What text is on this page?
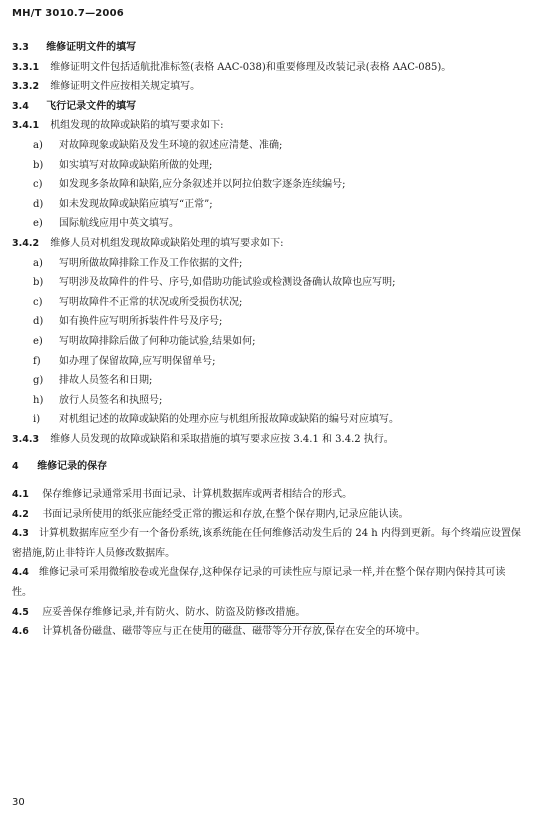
MH/T 3010.7—2006
3.3 维修证明文件的填写
3.3.1 维修证明文件包括适航批准标签(表格 AAC-038)和重要修理及改装记录(表格 AAC-085)。
3.3.2 维修证明文件应按相关规定填写。
3.4 飞行记录文件的填写
3.4.1 机组发现的故障或缺陷的填写要求如下:
a) 对故障现象或缺陷及发生环境的叙述应清楚、准确;
b) 如实填写对故障或缺陷所做的处理;
c) 如发现多条故障和缺陷,应分条叙述并以阿拉伯数字逐条连续编号;
d) 如未发现故障或缺陷应填写“正常”;
e) 国际航线应用中英文填写。
3.4.2 维修人员对机组发现故障或缺陷处理的填写要求如下:
a) 写明所做故障排除工作及工作依据的文件;
b) 写明涉及故障件的件号、序号,如借助功能试验或检测设备确认故障也应写明;
c) 写明故障件不正常的状况或所受损伤状况;
d) 如有换件应写明所拆装件件号及序号;
e) 写明故障排除后做了何种功能试验,结果如何;
f) 如办理了保留故障,应写明保留单号;
g) 排故人员签名和日期;
h) 放行人员签名和执照号;
i) 对机组记述的故障或缺陷的处理亦应与机组所报故障或缺陷的编号对应填写。
3.4.3 维修人员发现的故障或缺陷和采取措施的填写要求应按 3.4.1 和 3.4.2 执行。
4 维修记录的保存
4.1 保存维修记录通常采用书面记录、计算机数据库或两者相结合的形式。
4.2 书面记录所使用的纸张应能经受正常的搬运和存放,在整个保存期内,记录应能认读。
4.3 计算机数据库应至少有一个备份系统,该系统能在任何维修活动发生后的 24 h 内得到更新。每个终端应设置保密措施,防止非特许人员修改数据库。
4.4 维修记录可采用微缩胶卷或光盘保存,这种保存记录的可读性应与原记录一样,并在整个保存期内保持其可读性。
4.5 应妥善保存维修记录,并有防火、防水、防盗及防修改措施。
4.6 计算机备份磁盘、磁带等应与正在使用的磁盘、磁带等分开存放,保存在安全的环境中。
30
